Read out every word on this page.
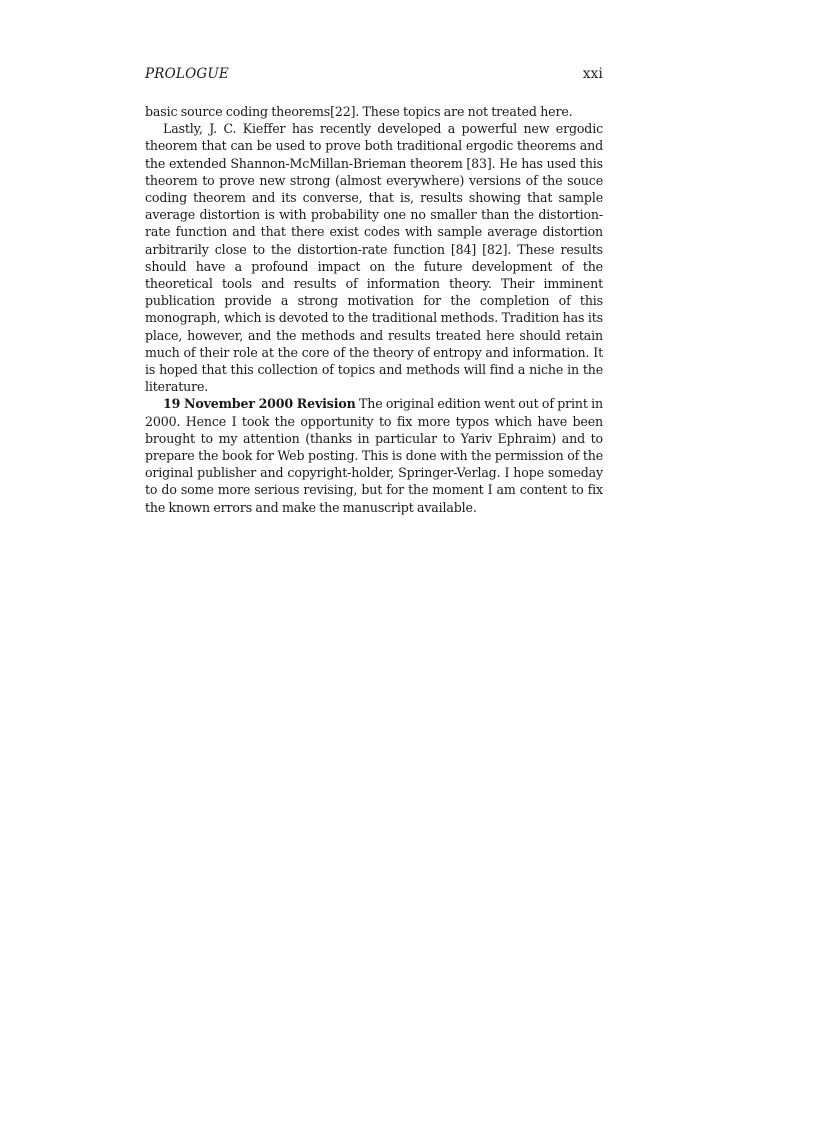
PROLOGUE	xxi

basic source coding theorems[22]. These topics are not treated here.

Lastly, J. C. Kieffer has recently developed a powerful new ergodic theorem that can be used to prove both traditional ergodic theorems and the extended Shannon-McMillan-Brieman theorem [83]. He has used this theorem to prove new strong (almost everywhere) versions of the souce coding theorem and its converse, that is, results showing that sample average distortion is with probability one no smaller than the distortion-rate function and that there exist codes with sample average distortion arbitrarily close to the distortion-rate function [84] [82]. These results should have a profound impact on the future development of the theoretical tools and results of information theory. Their imminent publication provide a strong motivation for the completion of this monograph, which is devoted to the traditional methods. Tradition has its place, however, and the methods and results treated here should retain much of their role at the core of the theory of entropy and information. It is hoped that this collection of topics and methods will find a niche in the literature.

19 November 2000 Revision The original edition went out of print in 2000. Hence I took the opportunity to fix more typos which have been brought to my attention (thanks in particular to Yariv Ephraim) and to prepare the book for Web posting. This is done with the permission of the original publisher and copyright-holder, Springer-Verlag. I hope someday to do some more serious revising, but for the moment I am content to fix the known errors and make the manuscript available.
